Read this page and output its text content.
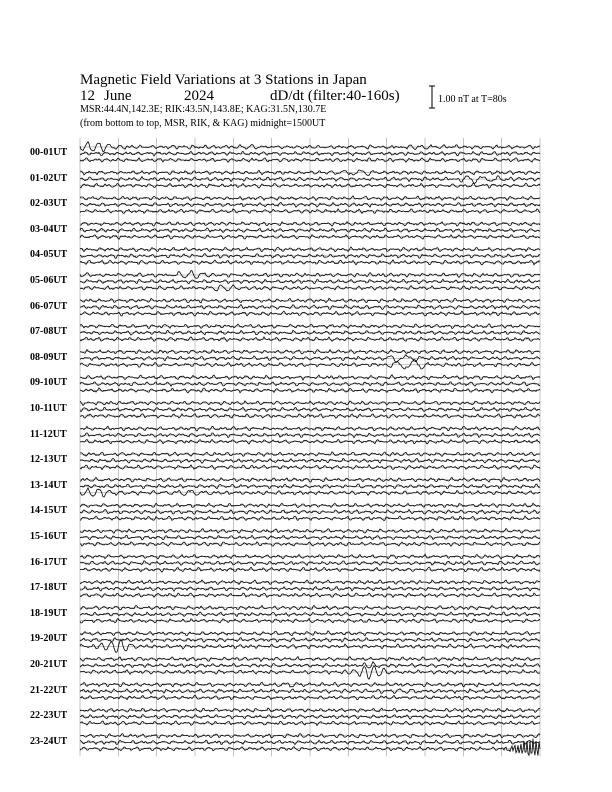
Magnetic Field Variations at 3 Stations in Japan
12 June	2024	dD/dt (filter:40-160s)
MSR:44.4N,142.3E; RIK:43.5N,143.8E; KAG:31.5N,130.7E
(from bottom to top, MSR, RIK, & KAG) midnight=1500UT
1.00 nT at T=80s
00-01UT
01-02UT
02-03UT
03-04UT
04-05UT
05-06UT
06-07UT
07-08UT
08-09UT
09-10UT
10-11UT
11-12UT
12-13UT
13-14UT
14-15UT
15-16UT
16-17UT
17-18UT
18-19UT
19-20UT
20-21UT
21-22UT
22-23UT
23-24UT
